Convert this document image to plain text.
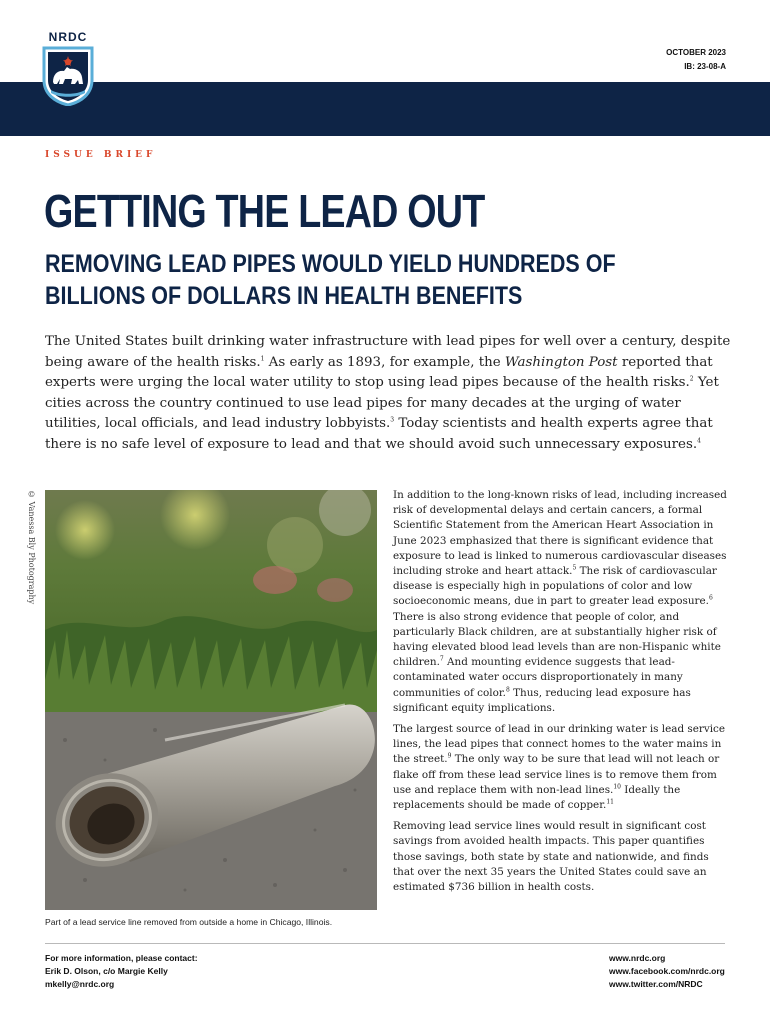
NRDC
OCTOBER 2023
IB: 23-08-A
ISSUE BRIEF
GETTING THE LEAD OUT
REMOVING LEAD PIPES WOULD YIELD HUNDREDS OF BILLIONS OF DOLLARS IN HEALTH BENEFITS

The United States built drinking water infrastructure with lead pipes for well over a century, despite being aware of the health risks.$^1$ As early as 1893, for example, the Washington Post reported that experts were urging the local water utility to stop using lead pipes because of the health risks.$^2$ Yet cities across the country continued to use lead pipes for many decades at the urging of water utilities, local officials, and lead industry lobbyists.$^3$ Today scientists and health experts agree that there is no safe level of exposure to lead and that we should avoid such unnecessary exposures.$^4$

© Vanessa Bly Photography
Part of a lead service line removed from outside a home in Chicago, Illinois.

In addition to the long-known risks of lead, including increased risk of developmental delays and certain cancers, a formal Scientific Statement from the American Heart Association in June 2023 emphasized that there is significant evidence that exposure to lead is linked to numerous cardiovascular diseases including stroke and heart attack.$^5$ The risk of cardiovascular disease is especially high in populations of color and low socioeconomic means, due in part to greater lead exposure.$^6$ There is also strong evidence that people of color, and particularly Black children, are at substantially higher risk of having elevated blood lead levels than are non-Hispanic white children.$^7$ And mounting evidence suggests that lead-contaminated water occurs disproportionately in many communities of color.$^8$ Thus, reducing lead exposure has significant equity implications.

The largest source of lead in our drinking water is lead service lines, the lead pipes that connect homes to the water mains in the street.$^9$ The only way to be sure that lead will not leach or flake off from these lead service lines is to remove them from use and replace them with non-lead lines.$^{10}$ Ideally the replacements should be made of copper.$^{11}$

Removing lead service lines would result in significant cost savings from avoided health impacts. This paper quantifies those savings, both state by state and nationwide, and finds that over the next 35 years the United States could save an estimated $736 billion in health costs.

For more information, please contact:
Erik D. Olson, c/o Margie Kelly
mkelly@nrdc.org
www.nrdc.org
www.facebook.com/nrdc.org
www.twitter.com/NRDC
